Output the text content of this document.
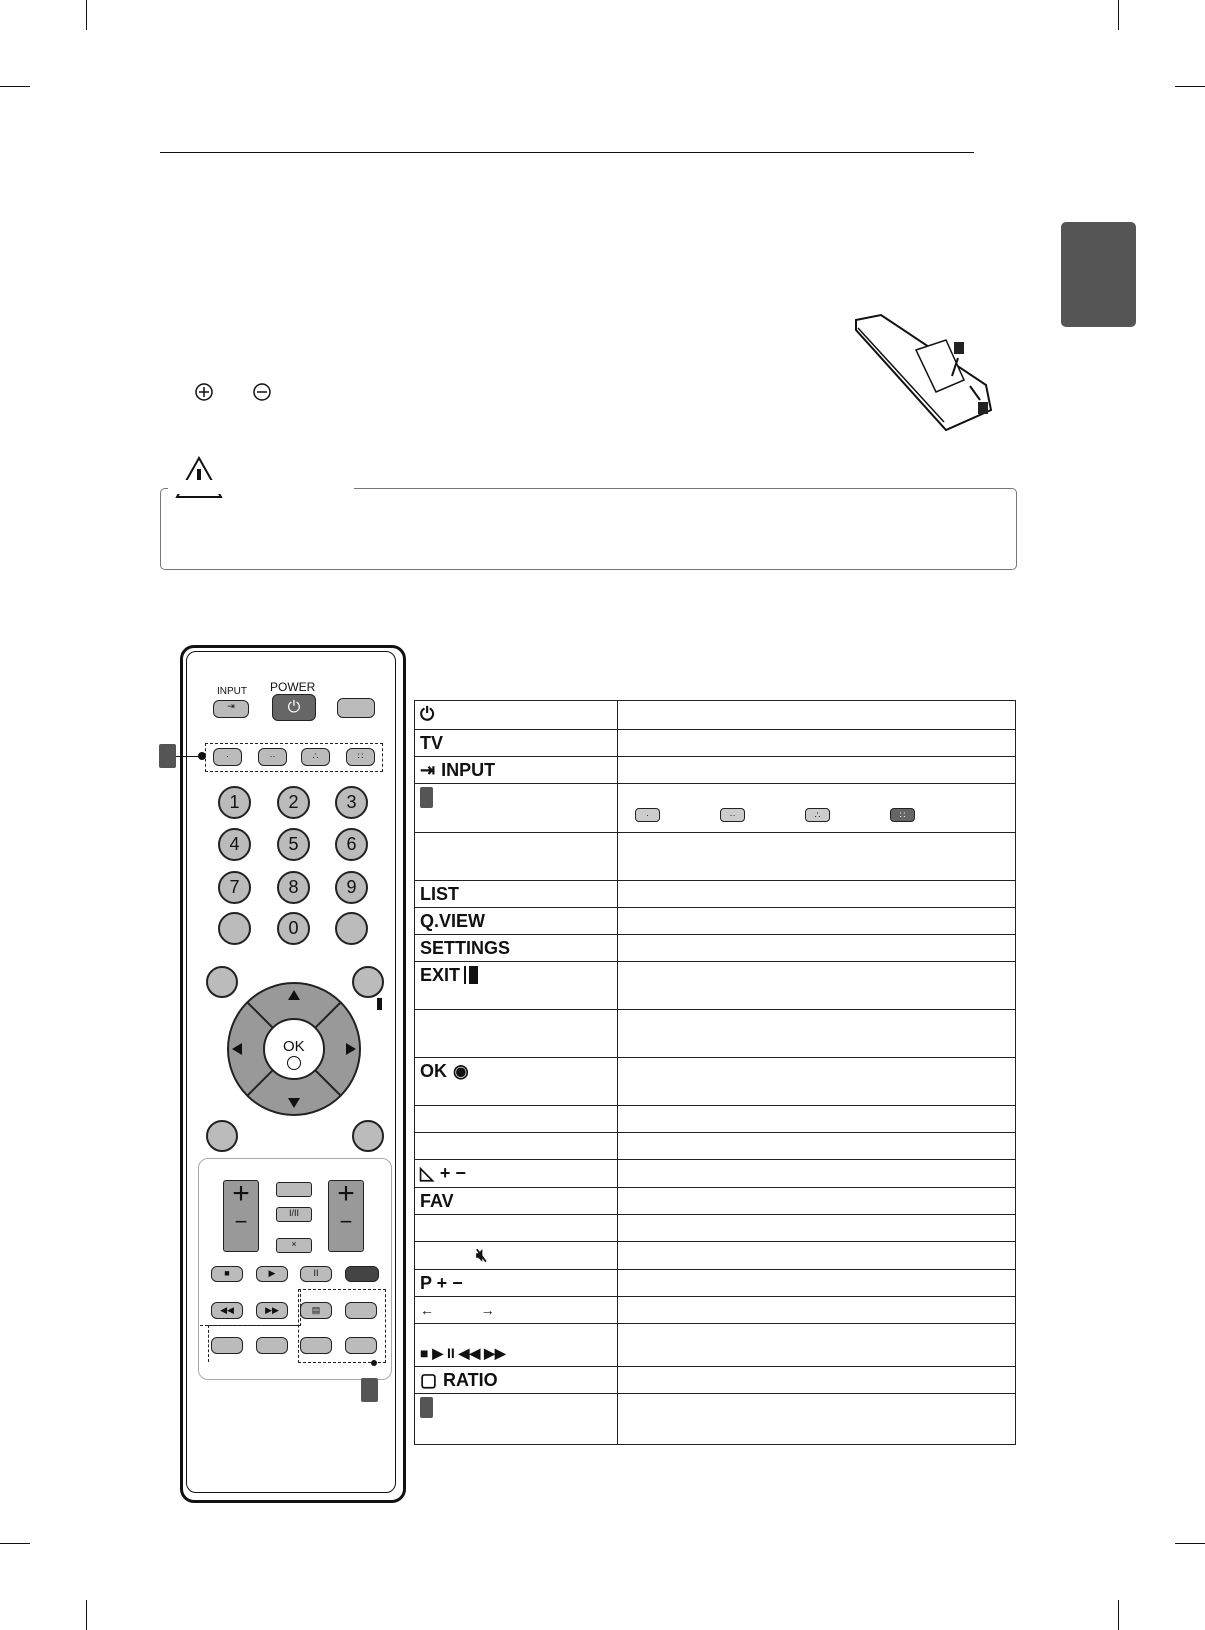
INPUT POWER
⇥	⏻
·	··	∴	∷
1	2	3
4	5	6
7	8	9
0
OK
+
−	I/II
×
+
−
■	▶	II
◀◀	▶▶	▤
⏻	

TV	

⇥ INPUT	

	· ·· ∴ ∷

LIST	

Q.VIEW	

SETTINGS	

EXIT	

OK ◉	

◺ + −	

FAV	

🔇︎	

P + −	

←            →	

■ ▶ II ◀◀ ▶▶	

▢ RATIO	
